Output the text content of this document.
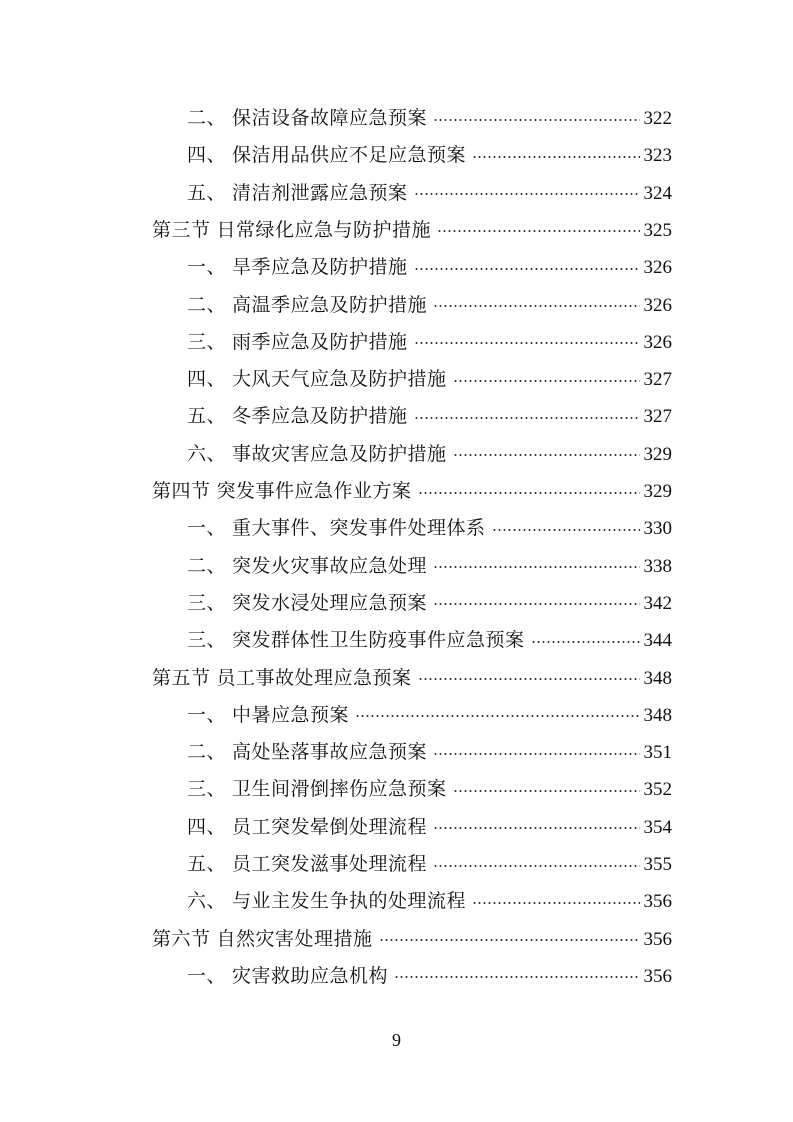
二、 保洁设备故障应急预案	322
四、 保洁用品供应不足应急预案	323
五、 清洁剂泄露应急预案	324
第三节 日常绿化应急与防护措施	325
一、 旱季应急及防护措施	326
二、 高温季应急及防护措施	326
三、 雨季应急及防护措施	326
四、 大风天气应急及防护措施	327
五、 冬季应急及防护措施	327
六、 事故灾害应急及防护措施	329
第四节 突发事件应急作业方案	329
一、 重大事件、突发事件处理体系	330
二、 突发火灾事故应急处理	338
三、 突发水浸处理应急预案	342
三、 突发群体性卫生防疫事件应急预案	344
第五节 员工事故处理应急预案	348
一、 中暑应急预案	348
二、 高处坠落事故应急预案	351
三、 卫生间滑倒摔伤应急预案	352
四、 员工突发晕倒处理流程	354
五、 员工突发滋事处理流程	355
六、 与业主发生争执的处理流程	356
第六节 自然灾害处理措施	356
一、 灾害救助应急机构	356
9
